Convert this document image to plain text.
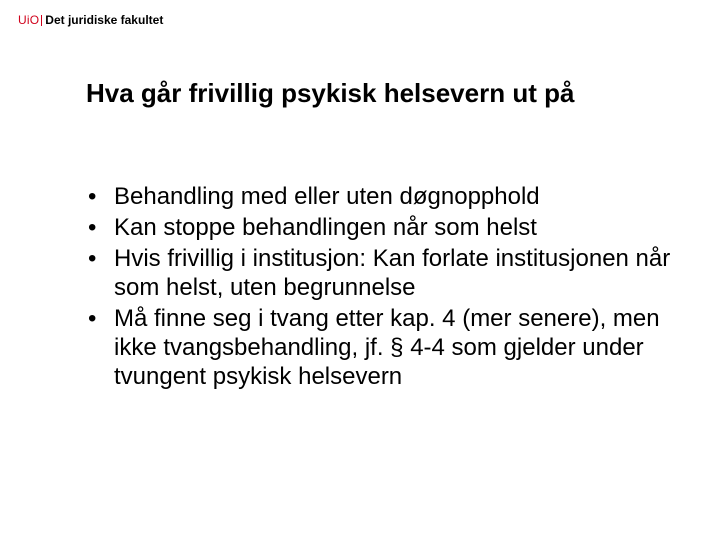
UiO Det juridiske fakultet
Hva går frivillig psykisk helsevern ut på
• Behandling med eller uten døgnopphold
• Kan stoppe behandlingen når som helst
• Hvis frivillig i institusjon: Kan forlate institusjonen når som helst, uten begrunnelse
• Må finne seg i tvang etter kap. 4 (mer senere), men ikke tvangsbehandling, jf. § 4-4 som gjelder under tvungent psykisk helsevern
